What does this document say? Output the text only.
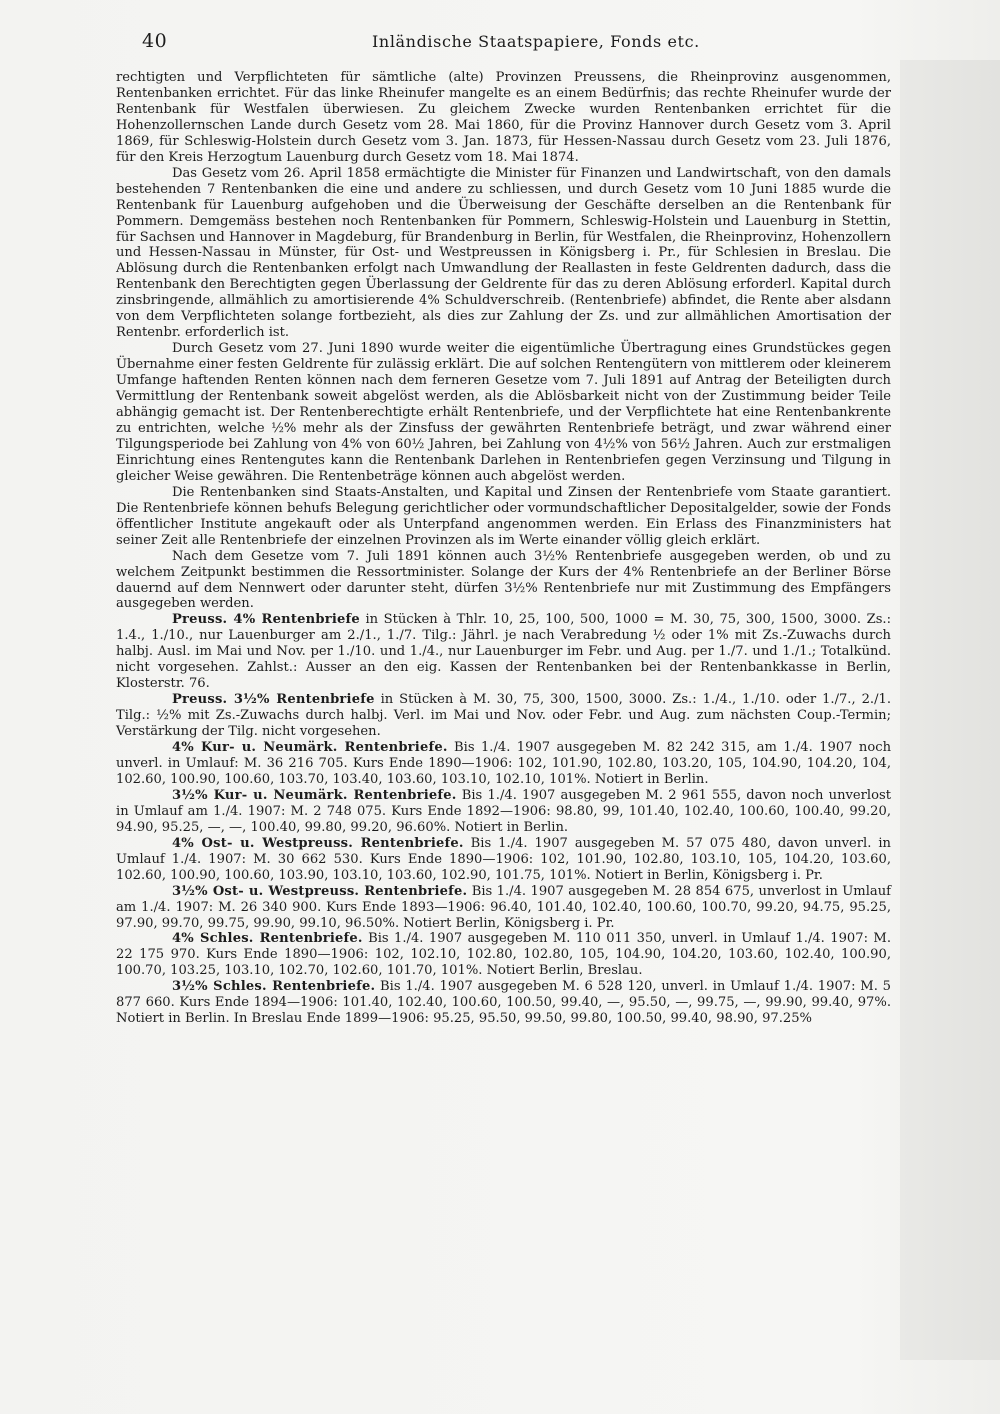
40	Inländische Staatspapiere, Fonds etc.

rechtigten und Verpflichteten für sämtliche (alte) Provinzen Preussens, die Rheinprovinz ausgenommen, Rentenbanken errichtet. Für das linke Rheinufer mangelte es an einem Bedürfnis; das rechte Rheinufer wurde der Rentenbank für Westfalen überwiesen. Zu gleichem Zwecke wurden Rentenbanken errichtet für die Hohenzollernschen Lande durch Gesetz vom 28. Mai 1860, für die Provinz Hannover durch Gesetz vom 3. April 1869, für Schleswig-Holstein durch Gesetz vom 3. Jan. 1873, für Hessen-Nassau durch Gesetz vom 23. Juli 1876, für den Kreis Herzogtum Lauenburg durch Gesetz vom 18. Mai 1874.

Das Gesetz vom 26. April 1858 ermächtigte die Minister für Finanzen und Landwirtschaft, von den damals bestehenden 7 Rentenbanken die eine und andere zu schliessen, und durch Gesetz vom 10 Juni 1885 wurde die Rentenbank für Lauenburg aufgehoben und die Überweisung der Geschäfte derselben an die Rentenbank für Pommern. Demgemäss bestehen noch Rentenbanken für Pommern, Schleswig-Holstein und Lauenburg in Stettin, für Sachsen und Hannover in Magdeburg, für Brandenburg in Berlin, für Westfalen, die Rheinprovinz, Hohenzollern und Hessen-Nassau in Münster, für Ost- und Westpreussen in Königsberg i. Pr., für Schlesien in Breslau. Die Ablösung durch die Rentenbanken erfolgt nach Umwandlung der Reallasten in feste Geldrenten dadurch, dass die Rentenbank den Berechtigten gegen Überlassung der Geldrente für das zu deren Ablösung erforderl. Kapital durch zinsbringende, allmählich zu amortisierende 4% Schuldverschreib. (Rentenbriefe) abfindet, die Rente aber alsdann von dem Verpflichteten solange fortbezieht, als dies zur Zahlung der Zs. und zur allmählichen Amortisation der Rentenbr. erforderlich ist.

Durch Gesetz vom 27. Juni 1890 wurde weiter die eigentümliche Übertragung eines Grundstückes gegen Übernahme einer festen Geldrente für zulässig erklärt. Die auf solchen Rentengütern von mittlerem oder kleinerem Umfange haftenden Renten können nach dem ferneren Gesetze vom 7. Juli 1891 auf Antrag der Beteiligten durch Vermittlung der Rentenbank soweit abgelöst werden, als die Ablösbarkeit nicht von der Zustimmung beider Teile abhängig gemacht ist. Der Rentenberechtigte erhält Rentenbriefe, und der Verpflichtete hat eine Rentenbankrente zu entrichten, welche ½% mehr als der Zinsfuss der gewährten Rentenbriefe beträgt, und zwar während einer Tilgungsperiode bei Zahlung von 4% von 60½ Jahren, bei Zahlung von 4½% von 56½ Jahren. Auch zur erstmaligen Einrichtung eines Rentengutes kann die Rentenbank Darlehen in Rentenbriefen gegen Verzinsung und Tilgung in gleicher Weise gewähren. Die Rentenbeträge können auch abgelöst werden.

Die Rentenbanken sind Staats-Anstalten, und Kapital und Zinsen der Rentenbriefe vom Staate garantiert. Die Rentenbriefe können behufs Belegung gerichtlicher oder vormundschaftlicher Depositalgelder, sowie der Fonds öffentlicher Institute angekauft oder als Unterpfand angenommen werden. Ein Erlass des Finanzministers hat seiner Zeit alle Rentenbriefe der einzelnen Provinzen als im Werte einander völlig gleich erklärt.

Nach dem Gesetze vom 7. Juli 1891 können auch 3½% Rentenbriefe ausgegeben werden, ob und zu welchem Zeitpunkt bestimmen die Ressortminister. Solange der Kurs der 4% Rentenbriefe an der Berliner Börse dauernd auf dem Nennwert oder darunter steht, dürfen 3½% Rentenbriefe nur mit Zustimmung des Empfängers ausgegeben werden.

Preuss. 4% Rentenbriefe in Stücken à Thlr. 10, 25, 100, 500, 1000 = M. 30, 75, 300, 1500, 3000. Zs.: 1.4., 1./10., nur Lauenburger am 2./1., 1./7. Tilg.: Jährl. je nach Verabredung ½ oder 1% mit Zs.-Zuwachs durch halbj. Ausl. im Mai und Nov. per 1./10. und 1./4., nur Lauenburger im Febr. und Aug. per 1./7. und 1./1.; Totalkünd. nicht vorgesehen. Zahlst.: Ausser an den eig. Kassen der Rentenbanken bei der Rentenbankkasse in Berlin, Klosterstr. 76.

Preuss. 3½% Rentenbriefe in Stücken à M. 30, 75, 300, 1500, 3000. Zs.: 1./4., 1./10. oder 1./7., 2./1. Tilg.: ½% mit Zs.-Zuwachs durch halbj. Verl. im Mai und Nov. oder Febr. und Aug. zum nächsten Coup.-Termin; Verstärkung der Tilg. nicht vorgesehen.

4% Kur- u. Neumärk. Rentenbriefe. Bis 1./4. 1907 ausgegeben M. 82 242 315, am 1./4. 1907 noch unverl. in Umlauf: M. 36 216 705. Kurs Ende 1890—1906: 102, 101.90, 102.80, 103.20, 105, 104.90, 104.20, 104, 102.60, 100.90, 100.60, 103.70, 103.40, 103.60, 103.10, 102.10, 101%. Notiert in Berlin.

3½% Kur- u. Neumärk. Rentenbriefe. Bis 1./4. 1907 ausgegeben M. 2 961 555, davon noch unverlost in Umlauf am 1./4. 1907: M. 2 748 075. Kurs Ende 1892—1906: 98.80, 99, 101.40, 102.40, 100.60, 100.40, 99.20, 94.90, 95.25, —, —, 100.40, 99.80, 99.20, 96.60%. Notiert in Berlin.

4% Ost- u. Westpreuss. Rentenbriefe. Bis 1./4. 1907 ausgegeben M. 57 075 480, davon unverl. in Umlauf 1./4. 1907: M. 30 662 530. Kurs Ende 1890—1906: 102, 101.90, 102.80, 103.10, 105, 104.20, 103.60, 102.60, 100.90, 100.60, 103.90, 103.10, 103.60, 102.90, 101.75, 101%. Notiert in Berlin, Königsberg i. Pr.

3½% Ost- u. Westpreuss. Rentenbriefe. Bis 1./4. 1907 ausgegeben M. 28 854 675, unverlost in Umlauf am 1./4. 1907: M. 26 340 900. Kurs Ende 1893—1906: 96.40, 101.40, 102.40, 100.60, 100.70, 99.20, 94.75, 95.25, 97.90, 99.70, 99.75, 99.90, 99.10, 96.50%. Notiert Berlin, Königsberg i. Pr.

4% Schles. Rentenbriefe. Bis 1./4. 1907 ausgegeben M. 110 011 350, unverl. in Umlauf 1./4. 1907: M. 22 175 970. Kurs Ende 1890—1906: 102, 102.10, 102.80, 102.80, 105, 104.90, 104.20, 103.60, 102.40, 100.90, 100.70, 103.25, 103.10, 102.70, 102.60, 101.70, 101%. Notiert Berlin, Breslau.

3½% Schles. Rentenbriefe. Bis 1./4. 1907 ausgegeben M. 6 528 120, unverl. in Umlauf 1./4. 1907: M. 5 877 660. Kurs Ende 1894—1906: 101.40, 102.40, 100.60, 100.50, 99.40, —, 95.50, —, 99.75, —, 99.90, 99.40, 97%. Notiert in Berlin. In Breslau Ende 1899—1906: 95.25, 95.50, 99.50, 99.80, 100.50, 99.40, 98.90, 97.25%
